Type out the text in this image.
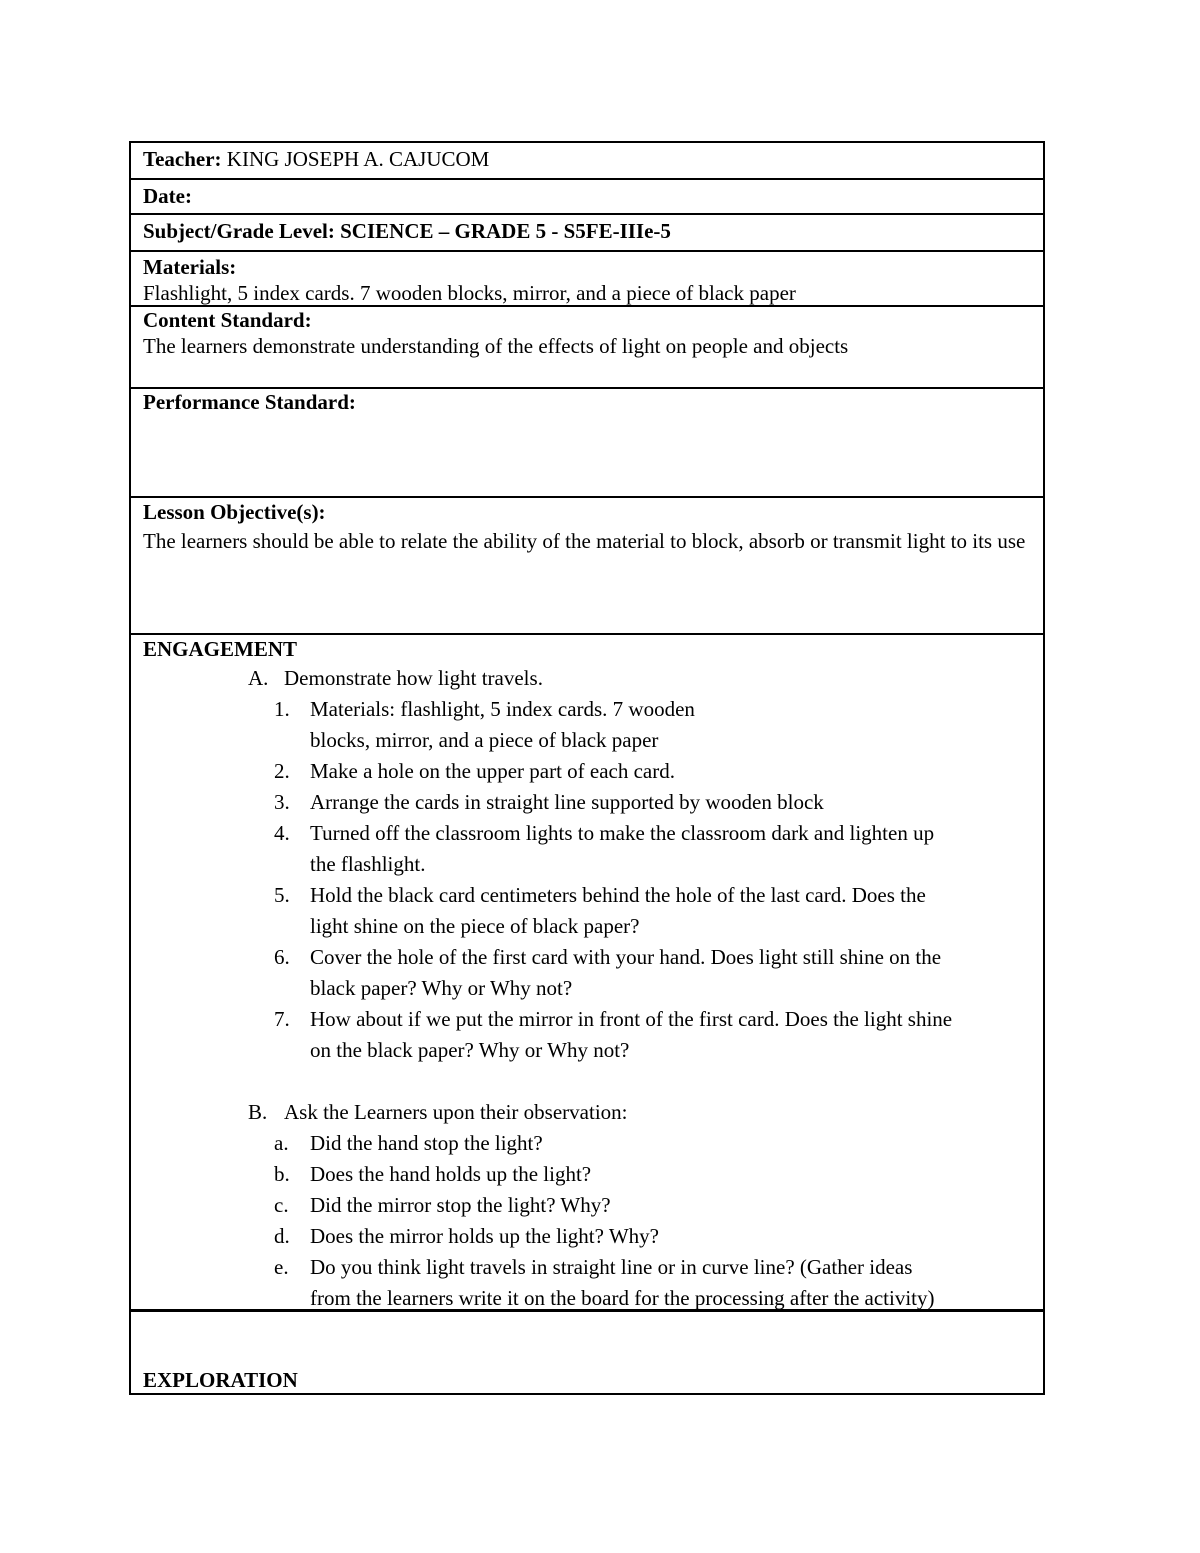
Teacher: KING JOSEPH A. CAJUCOM
Date:
Subject/Grade Level: SCIENCE – GRADE 5 - S5FE-IIIe-5
Materials:
Flashlight, 5 index cards. 7 wooden blocks, mirror, and a piece of black paper
Content Standard:
The learners demonstrate understanding of the effects of light on people and objects
Performance Standard:
Lesson Objective(s):
The learners should be able to relate the ability of the material to block, absorb or transmit light to its use
ENGAGEMENT
A. Demonstrate how light travels.
1. Materials: flashlight, 5 index cards. 7 wooden
blocks, mirror, and a piece of black paper
2. Make a hole on the upper part of each card.
3. Arrange the cards in straight line supported by wooden block
4. Turned off the classroom lights to make the classroom dark and lighten up
the flashlight.
5. Hold the black card centimeters behind the hole of the last card. Does the
light shine on the piece of black paper?
6. Cover the hole of the first card with your hand. Does light still shine on the
black paper? Why or Why not?
7. How about if we put the mirror in front of the first card. Does the light shine
on the black paper? Why or Why not?
B. Ask the Learners upon their observation:
a. Did the hand stop the light?
b. Does the hand holds up the light?
c. Did the mirror stop the light? Why?
d. Does the mirror holds up the light? Why?
e. Do you think light travels in straight line or in curve line? (Gather ideas
from the learners write it on the board for the processing after the activity)
EXPLORATION
